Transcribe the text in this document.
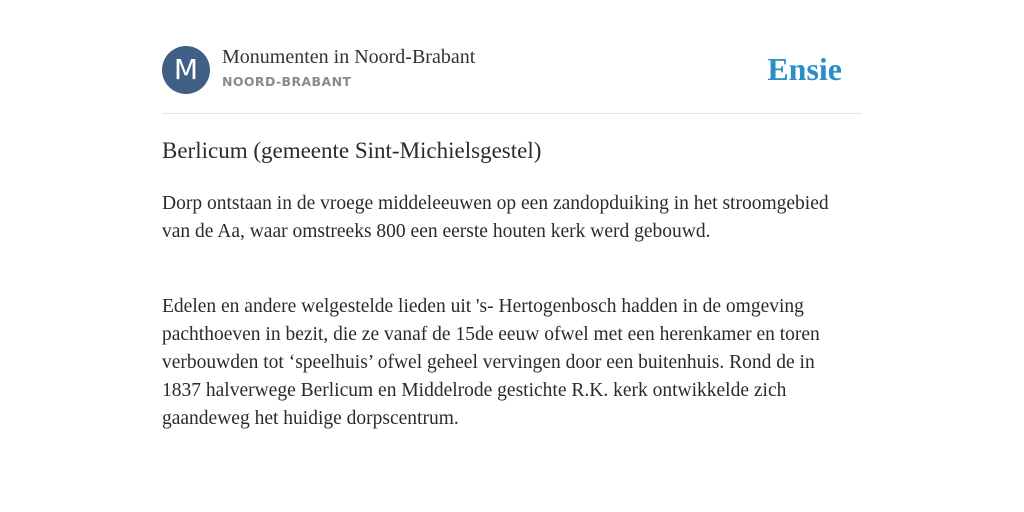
M	Monumenten in Noord-Brabant
NOORD-BRABANT	Ensie
Berlicum (gemeente Sint-Michielsgestel)

Dorp ontstaan in de vroege middeleeuwen op een zandopduiking in het stroomgebied van de Aa, waar omstreeks 800 een eerste houten kerk werd gebouwd.

Edelen en andere welgestelde lieden uit 's- Hertogenbosch hadden in de omgeving pachthoeven in bezit, die ze vanaf de 15de eeuw ofwel met een herenkamer en toren verbouwden tot ‘speelhuis’ ofwel geheel vervingen door een buitenhuis. Rond de in 1837 halverwege Berlicum en Middelrode gestichte R.K. kerk ontwikkelde zich gaandeweg het huidige dorpscentrum.
